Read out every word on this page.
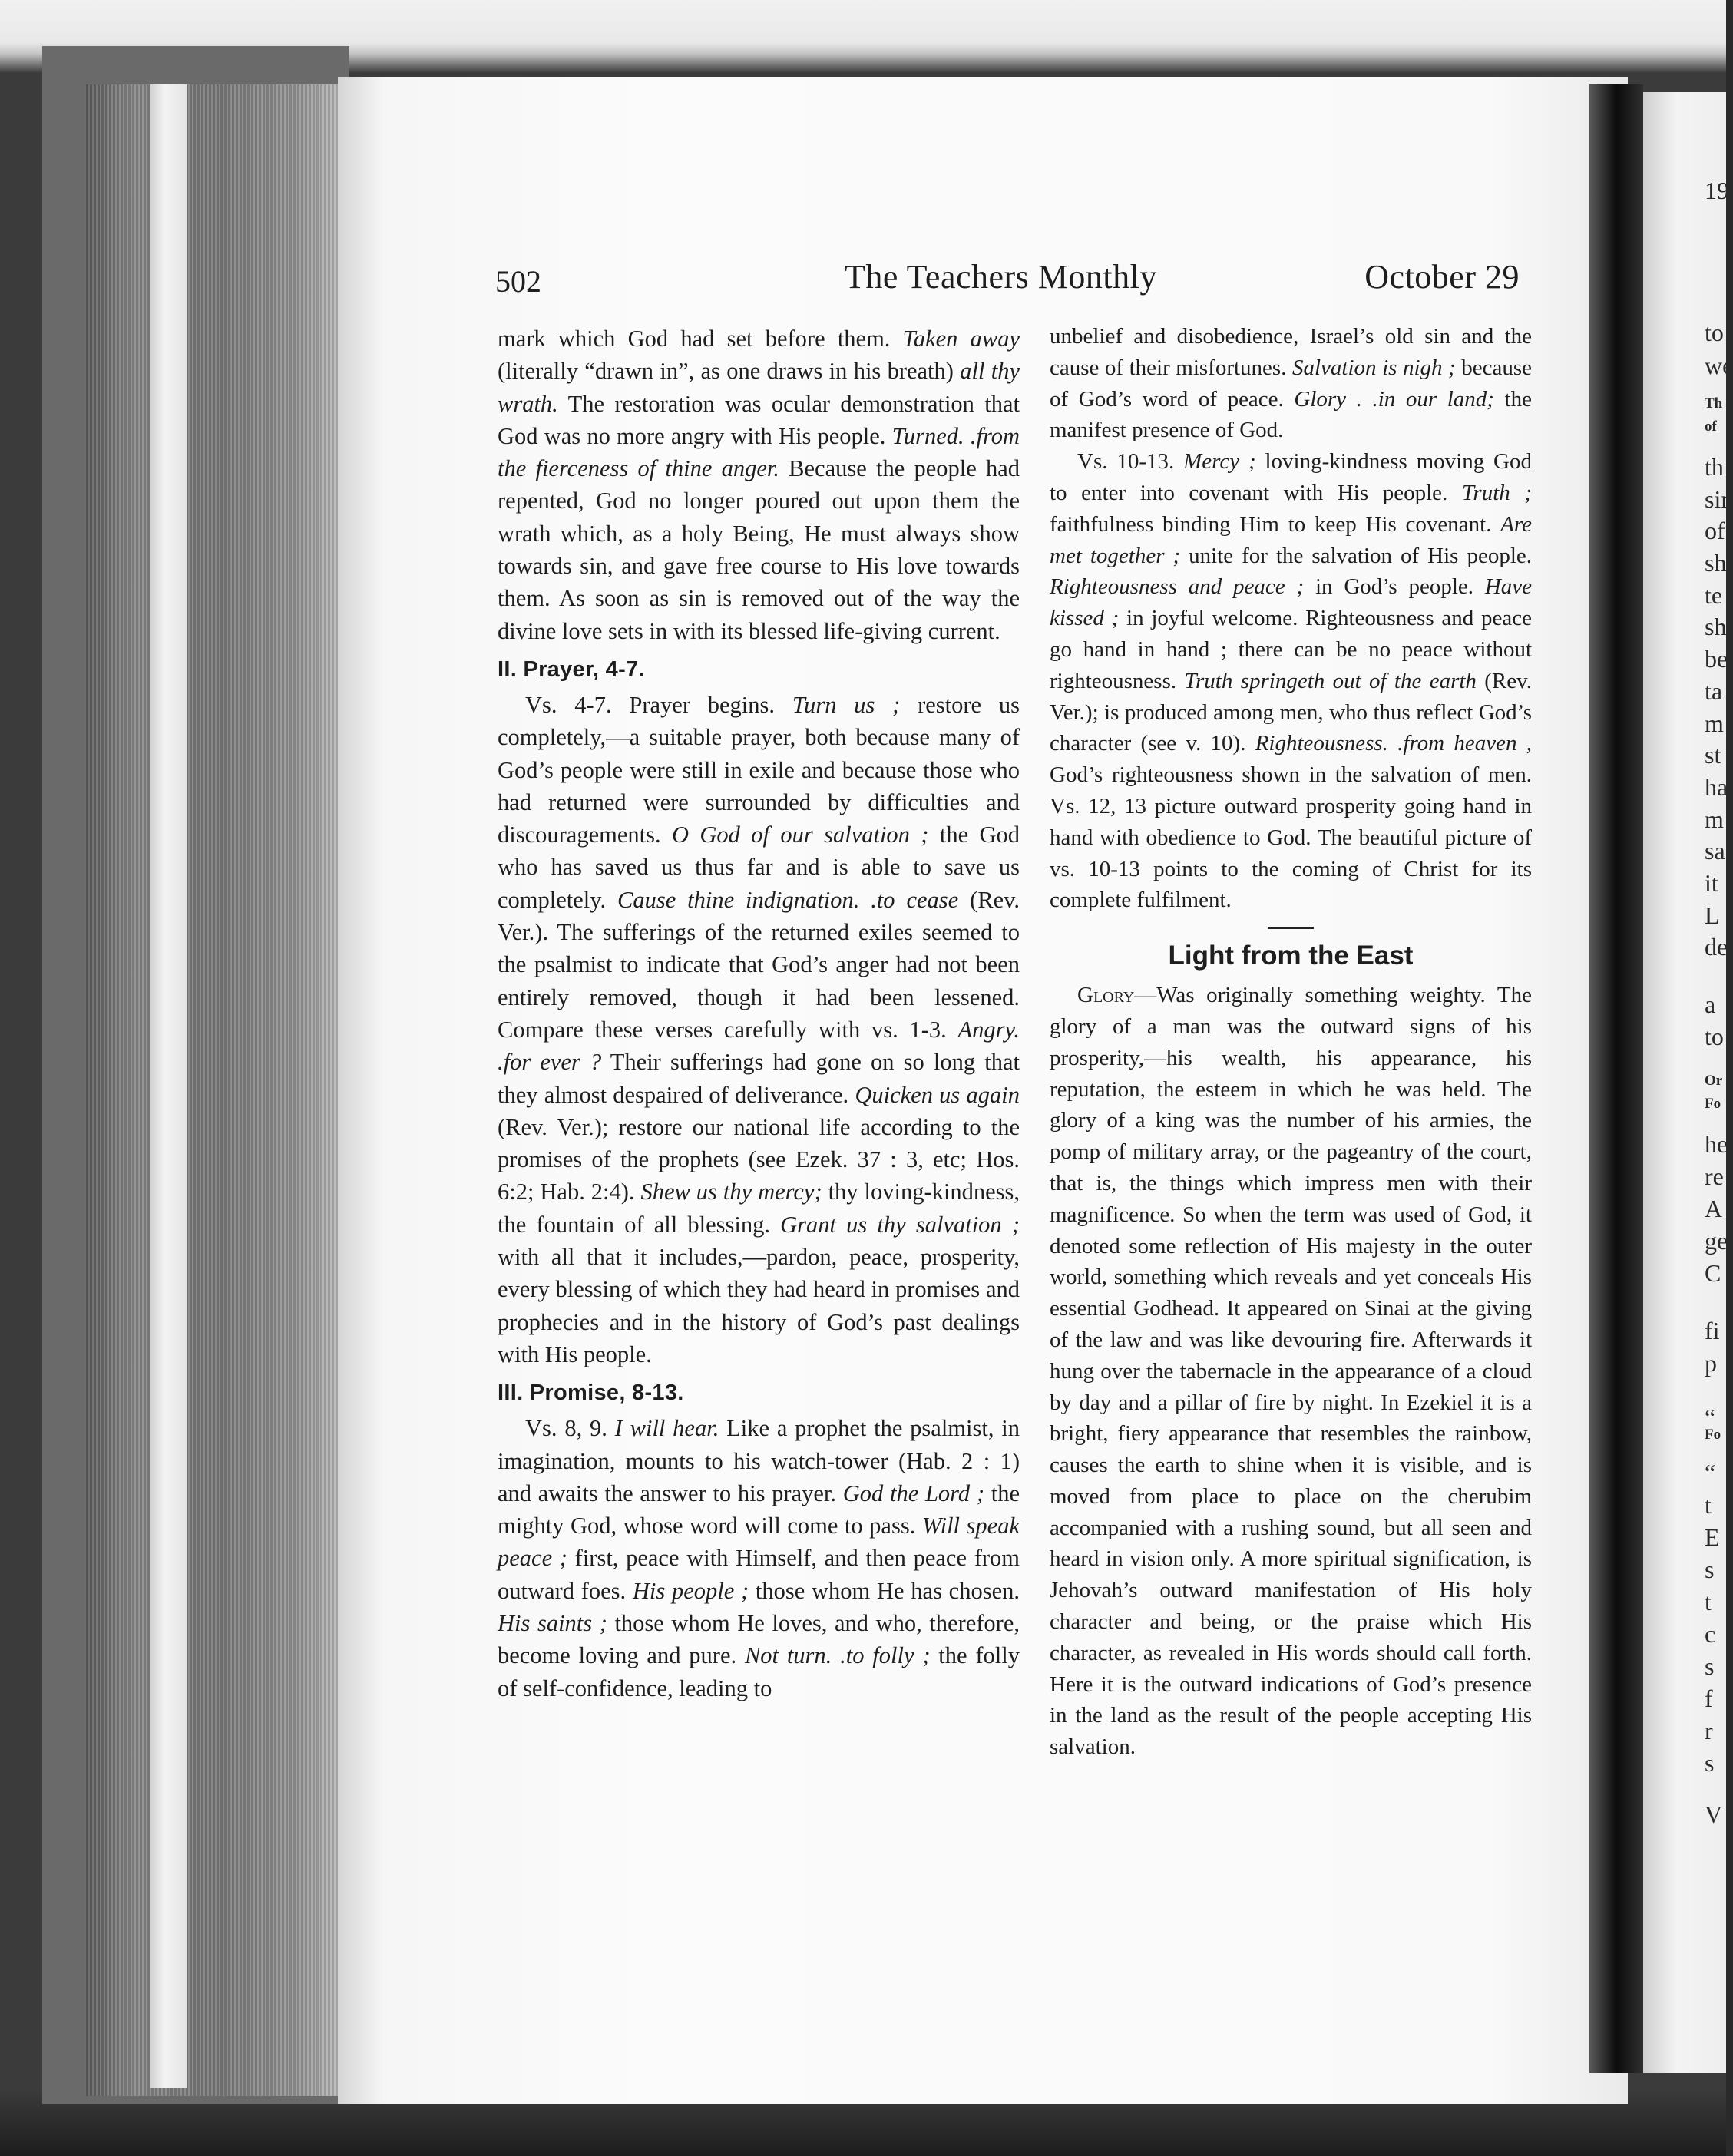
19
to
we
Th
of
th
sin
of
sh
te
sh
be
ta
m
st
ha
m
sa
it
L
de
a
to
Or
Fo
he
re
A
ge
C
fi
p
“
Fo
“
t
E
s
t
c
s
f
r
s
V
502	The Teachers Monthly	October 29

mark which God had set before them. Taken away (literally “drawn in”, as one draws in his breath) all thy wrath. The restoration was ocular demonstration that God was no more angry with His people. Turned. .from the fierceness of thine anger. Because the people had repented, God no longer poured out upon them the wrath which, as a holy Being, He must always show towards sin, and gave free course to His love towards them. As soon as sin is removed out of the way the divine love sets in with its blessed life-giving current.

II. Prayer, 4-7.

Vs. 4-7. Prayer begins. Turn us ; restore us completely,—a suitable prayer, both because many of God’s people were still in exile and because those who had returned were surrounded by difficulties and discouragements. O God of our salvation ; the God who has saved us thus far and is able to save us completely. Cause thine indignation. .to cease (Rev. Ver.). The sufferings of the returned exiles seemed to the psalmist to indicate that God’s anger had not been entirely removed, though it had been lessened. Compare these verses carefully with vs. 1-3. Angry. .for ever ? Their sufferings had gone on so long that they almost despaired of deliverance. Quicken us again (Rev. Ver.); restore our national life according to the promises of the prophets (see Ezek. 37 : 3, etc; Hos. 6:2; Hab. 2:4). Shew us thy mercy; thy loving-kindness, the fountain of all blessing. Grant us thy salvation ; with all that it includes,—pardon, peace, prosperity, every blessing of which they had heard in promises and prophecies and in the history of God’s past dealings with His people.

III. Promise, 8-13.

Vs. 8, 9. I will hear. Like a prophet the psalmist, in imagination, mounts to his watch-tower (Hab. 2 : 1) and awaits the answer to his prayer. God the Lord ; the mighty God, whose word will come to pass. Will speak peace ; first, peace with Himself, and then peace from outward foes. His people ; those whom He has chosen. His saints ; those whom He loves, and who, therefore, become loving and pure. Not turn. .to folly ; the folly of self-confidence, leading to

unbelief and disobedience, Israel’s old sin and the cause of their misfortunes. Salvation is nigh ; because of God’s word of peace. Glory . .in our land; the manifest presence of God.

Vs. 10-13. Mercy ; loving-kindness moving God to enter into covenant with His people. Truth ; faithfulness binding Him to keep His covenant. Are met together ; unite for the salvation of His people. Righteousness and peace ; in God’s people. Have kissed ; in joyful welcome. Righteousness and peace go hand in hand ; there can be no peace without righteousness. Truth springeth out of the earth (Rev. Ver.); is produced among men, who thus reflect God’s character (see v. 10). Righteousness. .from heaven , God’s righteousness shown in the salvation of men. Vs. 12, 13 picture outward prosperity going hand in hand with obedience to God. The beautiful picture of vs. 10-13 points to the coming of Christ for its complete fulfilment.

Light from the East

Glory—Was originally something weighty. The glory of a man was the outward signs of his prosperity,—his wealth, his appearance, his reputation, the esteem in which he was held. The glory of a king was the number of his armies, the pomp of military array, or the pageantry of the court, that is, the things which impress men with their magnificence. So when the term was used of God, it denoted some reflection of His majesty in the outer world, something which reveals and yet conceals His essential Godhead. It appeared on Sinai at the giving of the law and was like devouring fire. Afterwards it hung over the tabernacle in the appearance of a cloud by day and a pillar of fire by night. In Ezekiel it is a bright, fiery appearance that resembles the rainbow, causes the earth to shine when it is visible, and is moved from place to place on the cherubim accompanied with a rushing sound, but all seen and heard in vision only. A more spiritual signification, is Jehovah’s outward manifestation of His holy character and being, or the praise which His character, as revealed in His words should call forth. Here it is the outward indications of God’s presence in the land as the result of the people accepting His salvation.
